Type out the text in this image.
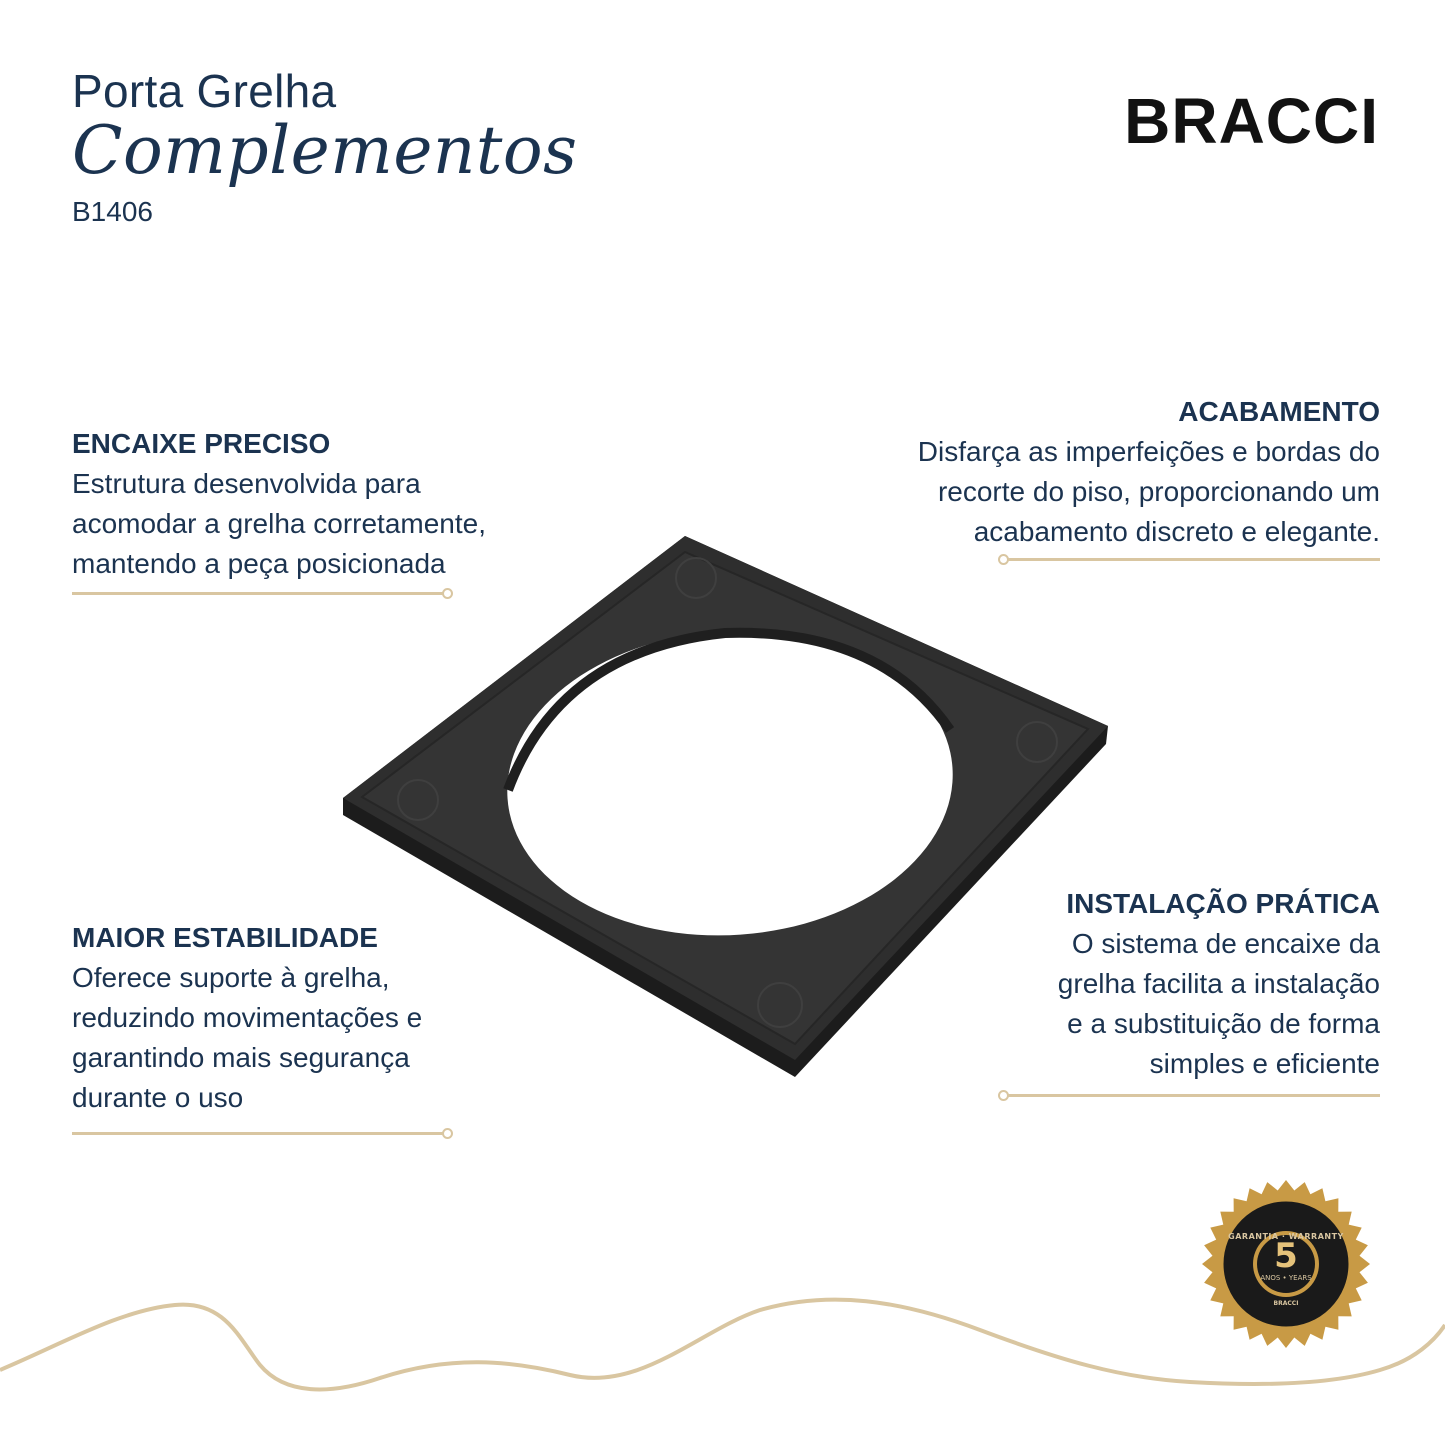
Porta Grelha
Complementos
B1406
BRACCI
ENCAIXE PRECISO
Estrutura desenvolvida para
acomodar a grelha corretamente,
mantendo a peça posicionada
ACABAMENTO
Disfarça as imperfeições e bordas do
recorte do piso, proporcionando um
acabamento discreto e elegante.
MAIOR ESTABILIDADE
Oferece suporte à grelha,
reduzindo movimentações e
garantindo mais segurança
durante o uso
INSTALAÇÃO PRÁTICA
O sistema de encaixe da
grelha facilita a instalação
e a substituição de forma
simples e eficiente
GARANTIA · WARRANTY
5
ANOS • YEARS
BRACCI
